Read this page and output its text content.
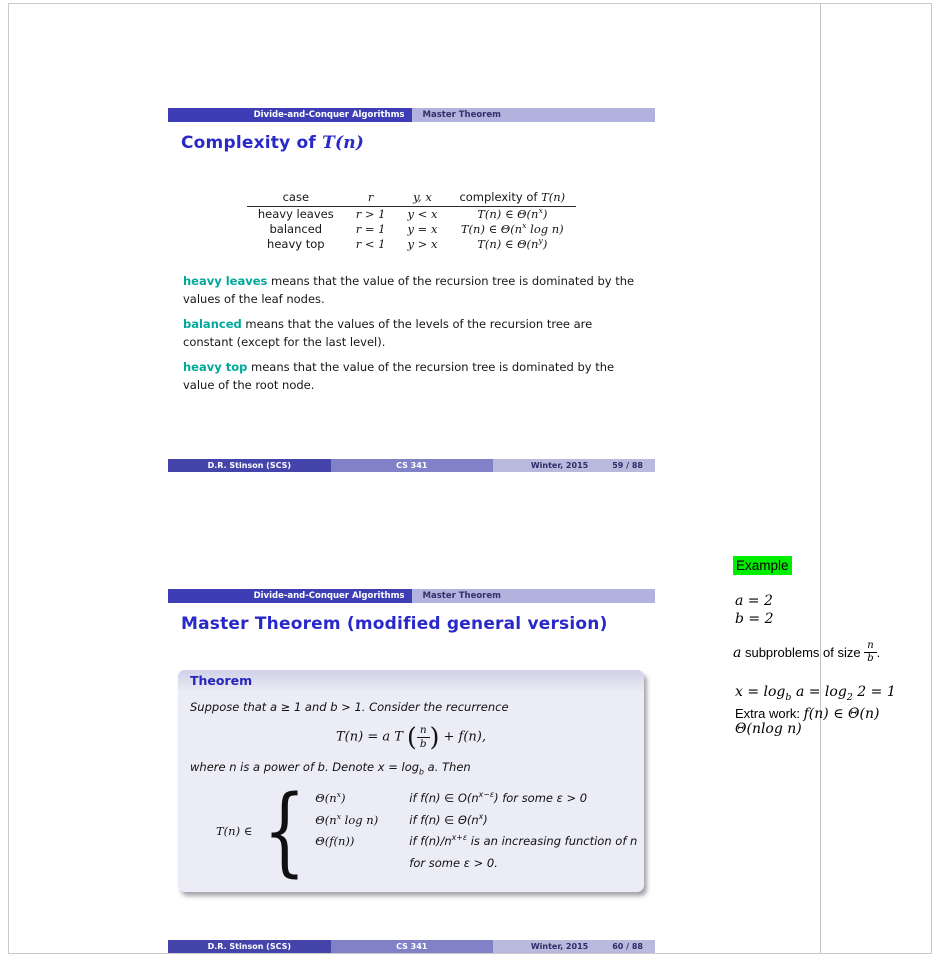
Divide-and-Conquer Algorithms	Master Theorem
Complexity of T(n)
case	r	y, x	complexity of T(n)
heavy leaves	r > 1	y < x	T(n) ∈ $\Theta(n^x)$
balanced	r = 1	y = x	T(n) ∈ $\Theta(n^x$ log n)
heavy top	r < 1	y > x	T(n) ∈ $\Theta(n^y)$

heavy leaves means that the value of the recursion tree is dominated by the values of the leaf nodes.

balanced means that the values of the levels of the recursion tree are constant (except for the last level).

heavy top means that the value of the recursion tree is dominated by the value of the root node.

D.R. Stinson (SCS)	CS 341	Winter, 2015	59 / 88
Divide-and-Conquer Algorithms	Master Theorem
Master Theorem (modified general version)
Theorem

Suppose that a ≥ 1 and b > 1. Consider the recurrence

T(n) = a T ( $\frac{n}{b}$ ) + f(n),

where n is a power of b. Denote $x = \log_b a$. Then

T(n) ∈ { $\Theta(n^x)$	if f(n) ∈ $O(n^{x-\varepsilon})$ for some ε > 0
$\Theta(n^x$ log n)	if f(n) ∈ $\Theta(n^x)$
Θ(f(n))	if $f(n)/n^{x+\varepsilon}$ is an increasing function of n
for some ε > 0.
D.R. Stinson (SCS)	CS 341	Winter, 2015	60 / 88
Example
a = 2
b = 2
a subproblems of size $\frac{n}{b}$ .
$x = \log_b a = \log_2 2 = 1$
Extra work: f(n) ∈ Θ(n)
Θ(nlog n)
